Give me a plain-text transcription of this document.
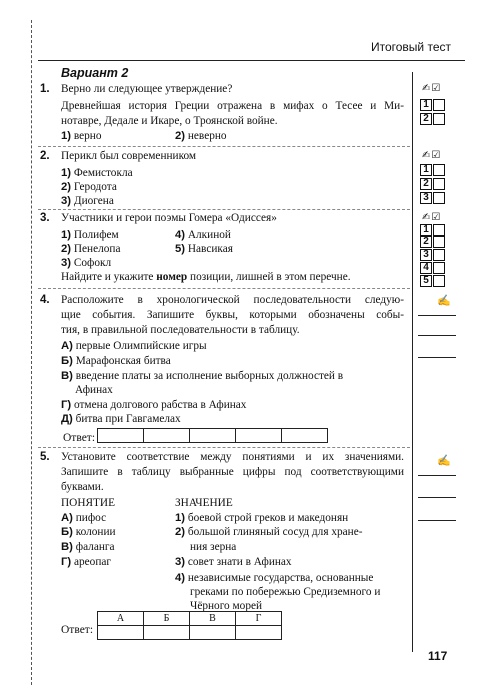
Итоговый тест
Вариант 2
1. Верно ли следующее утверждение?
Древнейшая история Греции отражена в мифах о Тесее и Ми-
нотавре, Дедале и Икаре, о Троянской войне.
1) верно	2) неверно
2. Перикл был современником
1) Фемистокла
2) Геродота
3) Диогена
3. Участники и герои поэмы Гомера «Одиссея»
1) Полифем
2) Пенелопа
3) Софокл
4) Алкиной
5) Навсикая
Найдите и укажите номер позиции, лишней в этом перечне.
4. Расположите в хронологической последовательности следую-
щие события. Запишите буквы, которыми обозначены собы-
тия, в правильной последовательности в таблицу.
А) первые Олимпийские игры
Б) Марафонская битва
В) введение платы за исполнение выборных должностей в
Афинах
Г) отмена долгового рабства в Афинах
Д) битва при Гавгамелах
Ответ:

5. Установите соответствие между понятиями и их значениями.
Запишите в таблицу выбранные цифры под соответствующими
буквами.
ПОНЯТИЕ	ЗНАЧЕНИЕ
А) пифос
Б) колонии
В) фаланга
Г) ареопаг
1) боевой строй греков и македонян
2) большой глиняный сосуд для хране-
ния зерна
3) совет знати в Афинах
4) независимые государства, основанные
греками по побережью Средиземного и
Чёрного морей
Ответ:
А	Б	В	Г

✍☑
1
2
✍☑
1
2
3
✍☑
1
2
3
4
5
✍
✍
117
